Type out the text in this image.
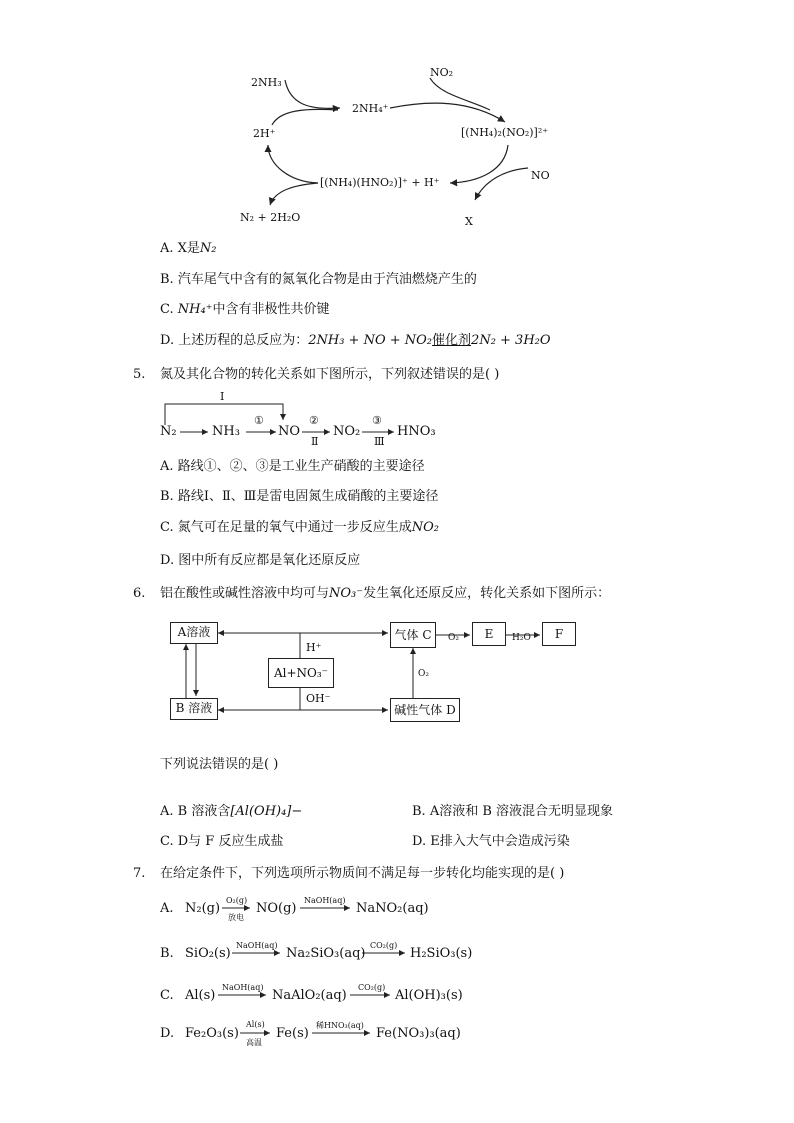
2NH₃
2NH₄⁺
NO₂
[(NH₄)₂(NO₂)]²⁺
2H⁺
NO
[(NH₄)(HNO₂)]⁺ + H⁺
X
N₂ + 2H₂O
A. X是N₂
B. 汽车尾气中含有的氮氧化合物是由于汽油燃烧产生的
C. NH₄⁺中含有非极性共价键
D. 上述历程的总反应为：2NH₃ + NO + NO₂催化剂2N₂ + 3H₂O
5. 氮及其化合物的转化关系如下图所示，下列叙述错误的是( )
I
N₂	NH₃
①
NO
②
Ⅱ
NO₂
③
Ⅲ
HNO₃
A. 路线①、②、③是工业生产硝酸的主要途径
B. 路线Ⅰ、Ⅱ、Ⅲ是雷电固氮生成硝酸的主要途径
C. 氮气可在足量的氧气中通过一步反应生成NO₂
D. 图中所有反应都是氧化还原反应
6. 铝在酸性或碱性溶液中均可与NO₃⁻发生氧化还原反应，转化关系如下图所示：
A溶液
B 溶液
Al+NO₃⁻
气体 C
碱性气体 D
E	F
H⁺
OH⁻
O₂
O₂
H₂O
下列说法错误的是( )
A. B 溶液含[Al(OH)₄]−	B. A溶液和 B 溶液混合无明显现象
C. D与 F 反应生成盐	D. E排入大气中会造成污染
7. 在给定条件下，下列选项所示物质间不满足每一步转化均能实现的是( )
A. N₂(g)
O₂(g)
放电
NO(g)
NaOH(aq)
NaNO₂(aq)
B. SiO₂(s)
NaOH(aq)
Na₂SiO₃(aq)
CO₂(g)
H₂SiO₃(s)
C. Al(s)
NaOH(aq)
NaAlO₂(aq)
CO₂(g)
Al(OH)₃(s)
D. Fe₂O₃(s)
Al(s)
高温
Fe(s)
稀HNO₃(aq)
Fe(NO₃)₃(aq)
